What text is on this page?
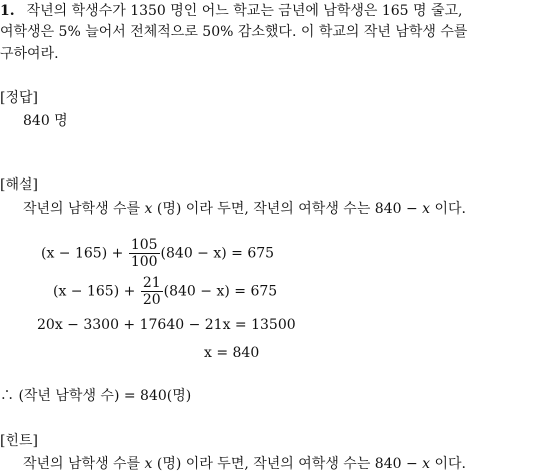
1. 작년의 학생수가 1350 명인 어느 학교는 금년에 남학생은 165 명 줄고,
여학생은 5% 늘어서 전체적으로 50% 감소했다. 이 학교의 작년 남학생 수를
구하여라.
[정답]
840 명
[해설]
작년의 남학생 수를 x (명) 이라 두면, 작년의 여학생 수는 840 − x 이다.
$(x - 165) + \frac{105}{100} (840 - x) = 675$
$(x - 165) + \frac{21}{20} (840 - x) = 675$
20x − 3300 + 17640 − 21x = 13500
x = 840
∴ (작년 남학생 수) = 840(명)
[힌트]
작년의 남학생 수를 x (명) 이라 두면, 작년의 여학생 수는 840 − x 이다.
